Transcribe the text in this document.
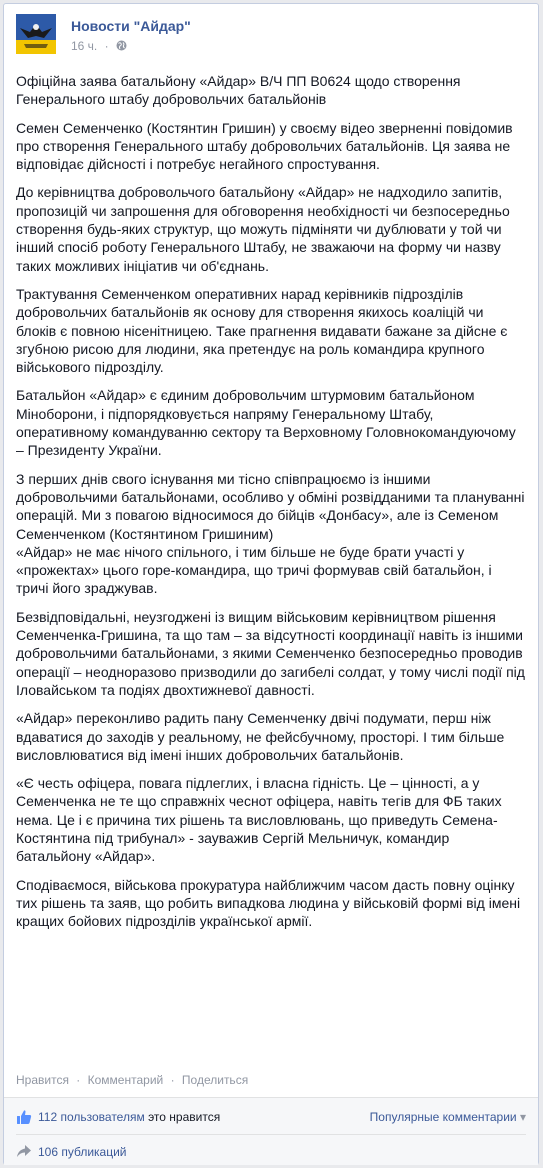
Новости "Айдар"
16 ч. ·

Офіційна заява батальйону «Айдар» В/Ч ПП В0624 щодо створення Генерального штабу добровольчих батальйонів

Семен Семенченко (Костянтин Гришин) у своєму відео зверненні повідомив про створення Генерального штабу добровольчих батальйонів. Ця заява не відповідає дійсності і потребує негайного спростування.

До керівництва добровольчого батальйону «Айдар» не надходило запитів, пропозицій чи запрошення для обговорення необхідності чи безпосередньо створення будь-яких структур, що можуть підміняти чи дублювати у той чи інший спосіб роботу Генерального Штабу, не зважаючи на форму чи назву таких можливих ініціатив чи об'єднань.

Трактування Семенченком оперативних нарад керівників підрозділів добровольчих батальйонів як основу для створення якихось коаліцій чи блоків є повною нісенітницею. Таке прагнення видавати бажане за дійсне є згубною рисою для людини, яка претендує на роль командира крупного військового підрозділу.

Батальйон «Айдар» є єдиним добровольчим штурмовим батальйоном Міноборони, і підпорядковується напряму Генеральному Штабу, оперативному командуванню сектору та Верховному Головнокомандуючому – Президенту України.

З перших днів свого існування ми тісно співпрацюємо із іншими добровольчими батальйонами, особливо у обміні розвідданими та плануванні операцій. Ми з повагою відносимося до бійців «Донбасу», але із Семеном Семенченком (Костянтином Гришиним)
«Айдар» не має нічого спільного, і тим більше не буде брати участі у «прожектах» цього горе-командира, що тричі формував свій батальйон, і тричі його зраджував.

Безвідповідальні, неузгоджені із вищим військовим керівництвом рішення Семенченка-Гришина, та що там – за відсутності координації навіть із іншими добровольчими батальйонами, з якими Семенченко безпосередньо проводив операції – неодноразово призводили до загибелі солдат, у тому числі події під Іловайськом та подіях двохтижневої давності.

«Айдар» переконливо радить пану Семенченку двічі подумати, перш ніж вдаватися до заходів у реальному, не фейсбучному, просторі. І тим більше висловлюватися від імені інших добровольчих батальйонів.

«Є честь офіцера, повага підлеглих, і власна гідність. Це – цінності, а у Семенченка не те що справжніх чеснот офіцера, навіть тегів для ФБ таких нема. Це і є причина тих рішень та висловлювань, що приведуть Семена-Костянтина під трибунал» - зауважив Сергій Мельничук, командир батальйону «Айдар».

Сподіваємося, військова прокуратура найближчим часом дасть повну оцінку тих рішень та заяв, що робить випадкова людина у військовій формі від імені кращих бойових підрозділів української армії.

Нравится · Комментарий · Поделиться
112 пользователям это нравится	Популярные комментарии ▾
106 публикаций
